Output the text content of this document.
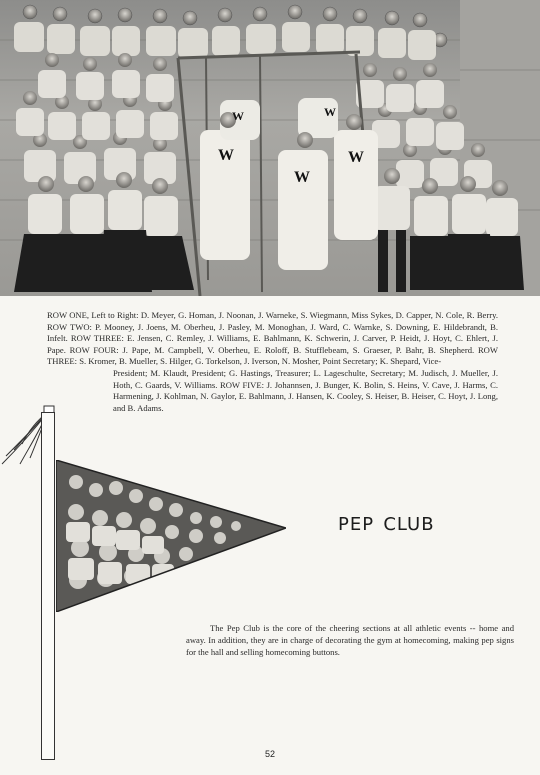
W
W
W
W	W
ROW ONE, Left to Right: D. Meyer, G. Homan, J. Noonan, J. Warneke, S. Wiegmann, Miss Sykes, D. Capper, N. Cole, R. Berry. ROW TWO: P. Mooney, J. Joens, M. Oberheu, J. Pasley, M. Monoghan, J. Ward, C. Warnke, S. Downing, E. Hildebrandt, B. Infelt. ROW THREE: E. Jensen, C. Remley, J. Williams, E. Bahlmann, K. Schwerin, J. Carver, P. Heidt, J. Hoyt, C. Ehlert, J. Pape. ROW FOUR: J. Pape, M. Campbell, V. Oberheu, E. Roloff, B. Stufflebeam, S. Graeser, P. Bahr, B. Shepherd. ROW THREE: S. Kromer, B. Mueller, S. Hilger, G. Torkelson, J. Iverson, N. Mosher, Point Secretary; K. Shepard, Vice-
President; M. Klaudt, President; G. Hastings, Treasurer; L. Lageschulte, Secretary; M. Judisch, J. Mueller, J. Hoth, C. Gaards, V. Williams. ROW FIVE: J. Johannsen, J. Bunger, K. Bolin, S. Heins, V. Cave, J. Harms, C. Harmening, J. Kohlman, N. Gaylor, E. Bahlmann, J. Hansen, K. Cooley, S. Heiser, B. Heiser, C. Hoyt, J. Long, and B. Adams.
pep club
The Pep Club is the core of the cheering sections at all athletic events -- home and away. In addition, they are in charge of decorating the gym at homecoming, making pep signs for the hall and selling homecoming buttons.
52
